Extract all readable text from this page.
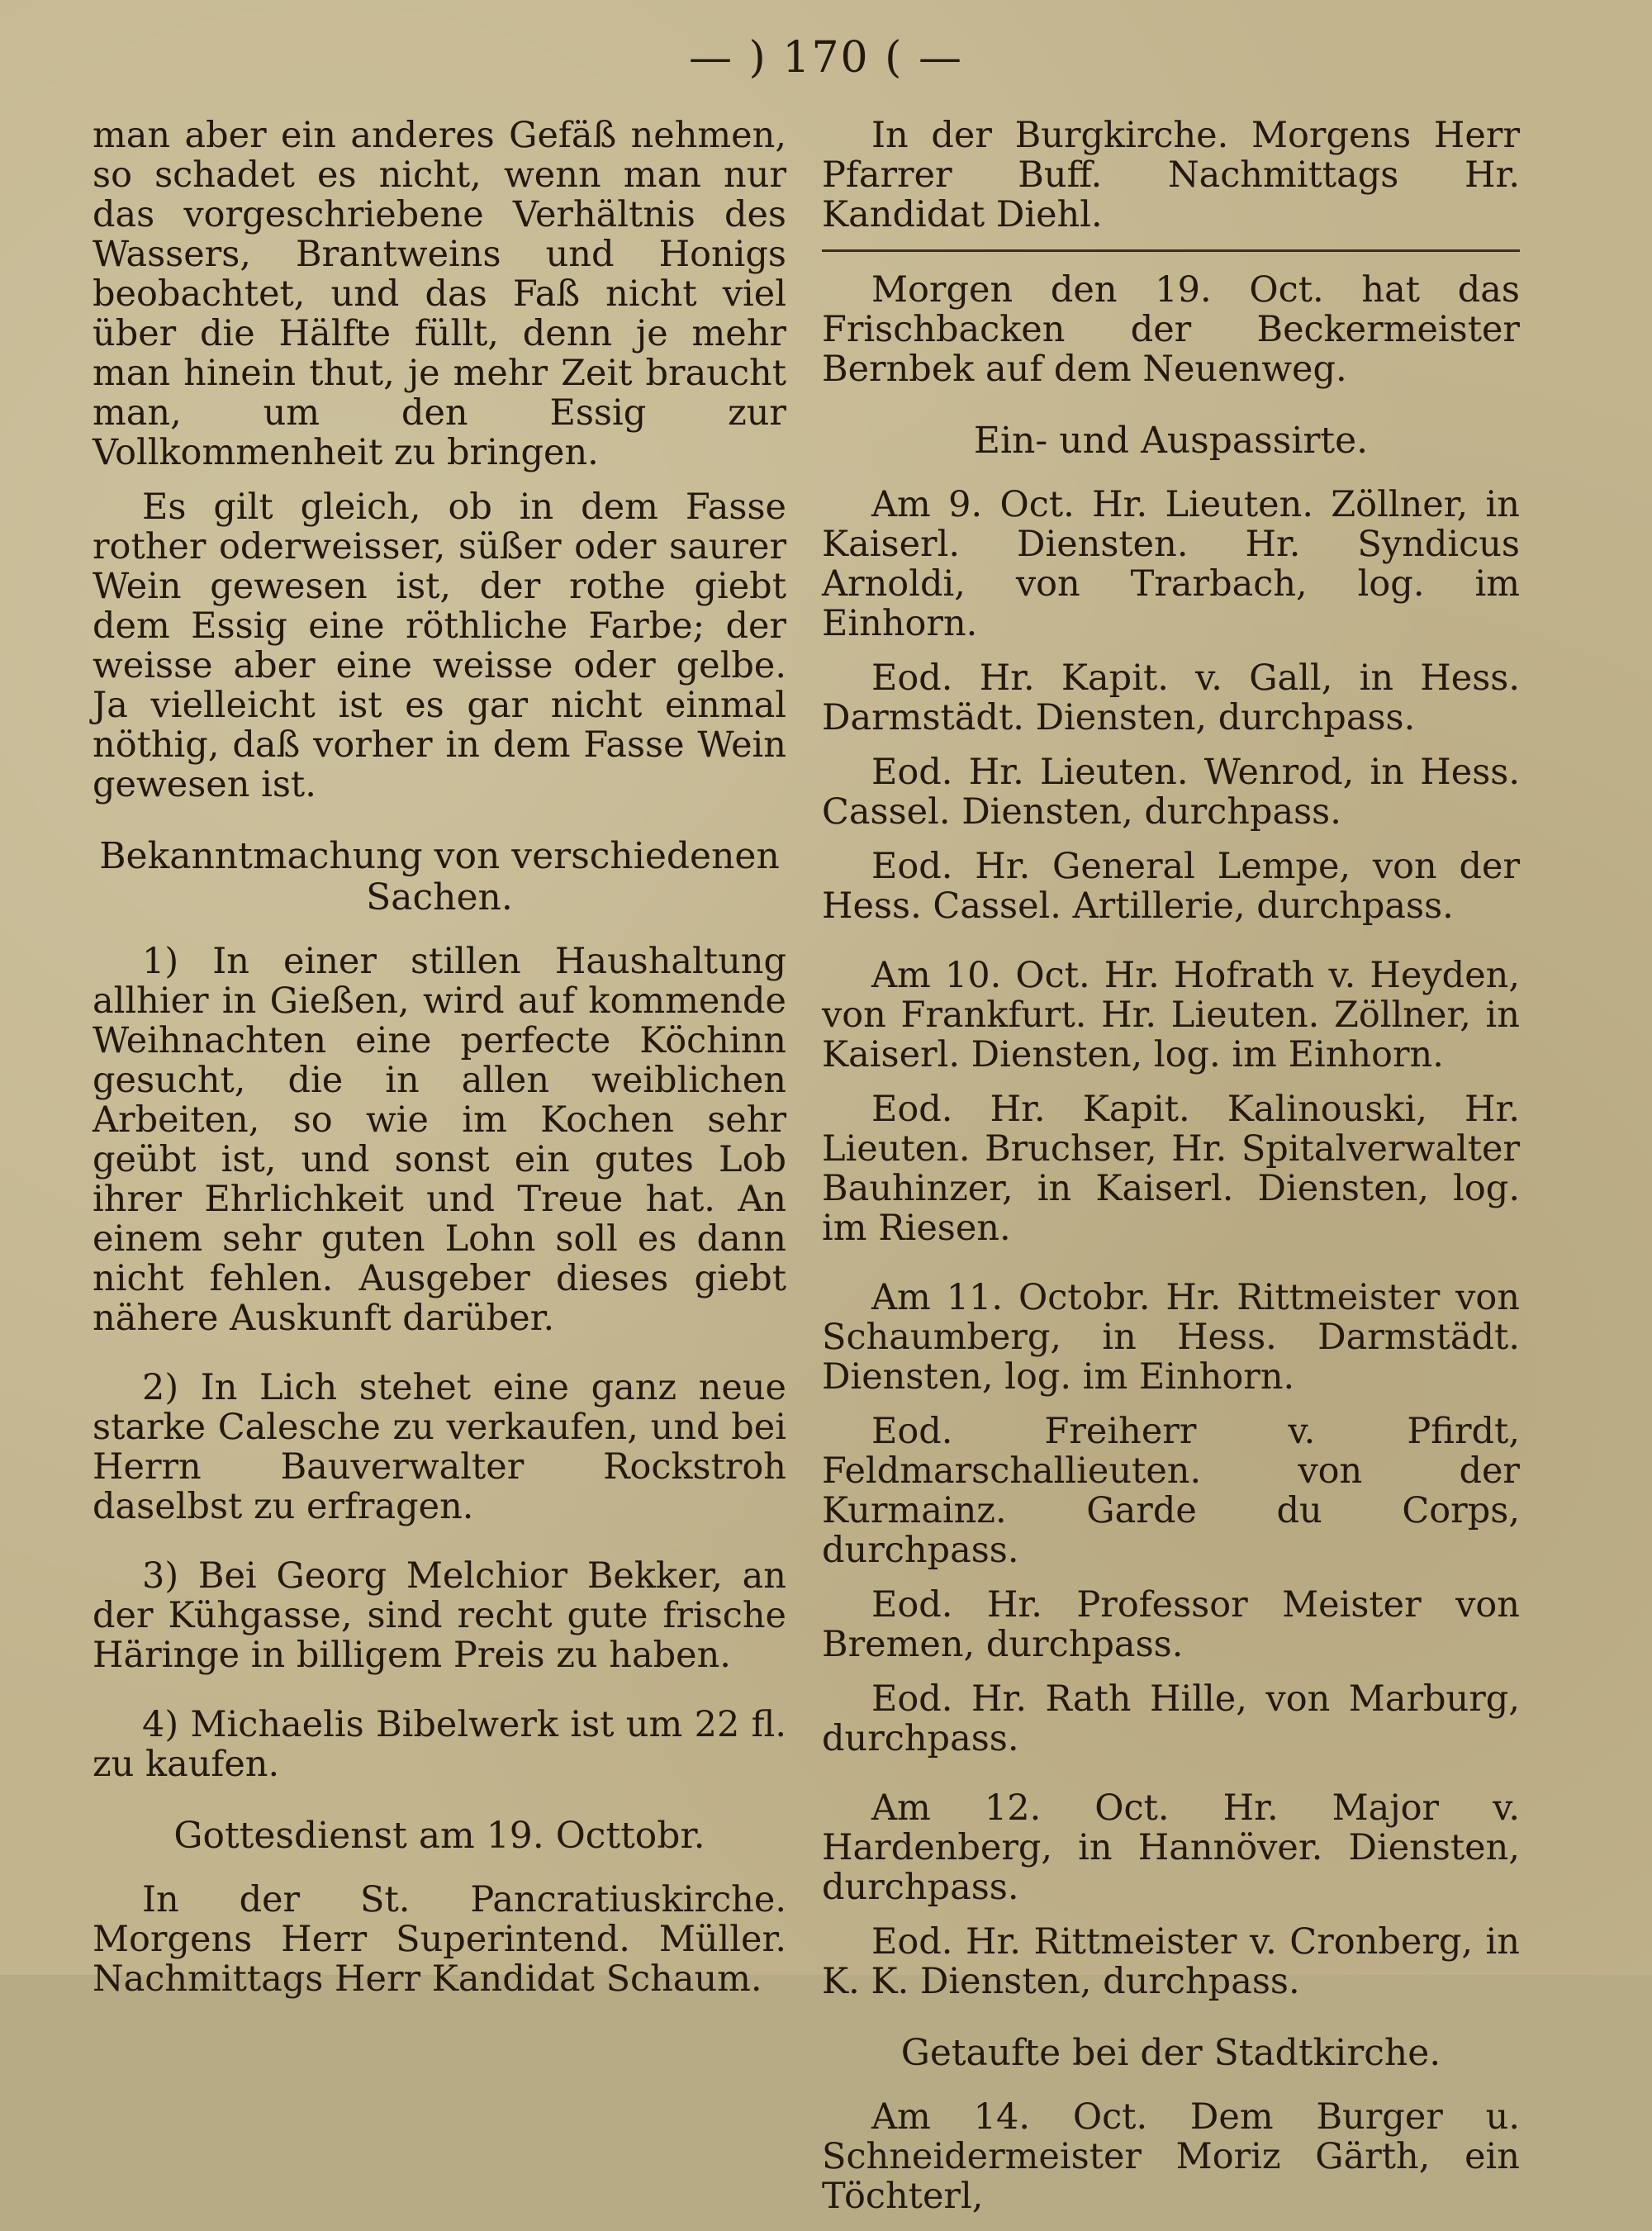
— ) 170 ( —

man aber ein anderes Gefäß nehmen, so schadet es nicht, wenn man nur das vorgeschriebene Verhältnis des Wassers, Brantweins und Honigs beobachtet, und das Faß nicht viel über die Hälfte füllt, denn je mehr man hinein thut, je mehr Zeit braucht man, um den Essig zur Vollkommenheit zu bringen.

Es gilt gleich, ob in dem Fasse rother oderweisser, süßer oder saurer Wein gewesen ist, der rothe giebt dem Essig eine röthliche Farbe; der weisse aber eine weisse oder gelbe. Ja vielleicht ist es gar nicht einmal nöthig, daß vorher in dem Fasse Wein gewesen ist.

Bekanntmachung von verschiedenen Sachen.

1) In einer stillen Haushaltung allhier in Gießen, wird auf kommende Weihnachten eine perfecte Köchinn gesucht, die in allen weiblichen Arbeiten, so wie im Kochen sehr geübt ist, und sonst ein gutes Lob ihrer Ehrlichkeit und Treue hat. An einem sehr guten Lohn soll es dann nicht fehlen. Ausgeber dieses giebt nähere Auskunft darüber.

2) In Lich stehet eine ganz neue starke Calesche zu verkaufen, und bei Herrn Bauverwalter Rockstroh daselbst zu erfragen.

3) Bei Georg Melchior Bekker, an der Kühgasse, sind recht gute frische Häringe in billigem Preis zu haben.

4) Michaelis Bibelwerk ist um 22 fl. zu kaufen.

Gottesdienst am 19. Octtobr.

In der St. Pancratiuskirche. Morgens Herr Superintend. Müller. Nachmittags Herr Kandidat Schaum.

In der Burgkirche. Morgens Herr Pfarrer Buff. Nachmittags Hr. Kandidat Diehl.

Morgen den 19. Oct. hat das Frischbacken der Beckermeister Bernbek auf dem Neuenweg.

Ein- und Auspassirte.

Am 9. Oct. Hr. Lieuten. Zöllner, in Kaiserl. Diensten. Hr. Syndicus Arnoldi, von Trarbach, log. im Einhorn.

Eod. Hr. Kapit. v. Gall, in Hess. Darmstädt. Diensten, durchpass.

Eod. Hr. Lieuten. Wenrod, in Hess. Cassel. Diensten, durchpass.

Eod. Hr. General Lempe, von der Hess. Cassel. Artillerie, durchpass.

Am 10. Oct. Hr. Hofrath v. Heyden, von Frankfurt. Hr. Lieuten. Zöllner, in Kaiserl. Diensten, log. im Einhorn.

Eod. Hr. Kapit. Kalinouski, Hr. Lieuten. Bruchser, Hr. Spitalverwalter Bauhinzer, in Kaiserl. Diensten, log. im Riesen.

Am 11. Octobr. Hr. Rittmeister von Schaumberg, in Hess. Darmstädt. Diensten, log. im Einhorn.

Eod. Freiherr v. Pfirdt, Feldmarschallieuten. von der Kurmainz. Garde du Corps, durchpass.

Eod. Hr. Professor Meister von Bremen, durchpass.

Eod. Hr. Rath Hille, von Marburg, durchpass.

Am 12. Oct. Hr. Major v. Hardenberg, in Hannöver. Diensten, durchpass.

Eod. Hr. Rittmeister v. Cronberg, in K. K. Diensten, durchpass.

Getaufte bei der Stadtkirche.

Am 14. Oct. Dem Burger u. Schneidermeister Moriz Gärth, ein Töchterl,
